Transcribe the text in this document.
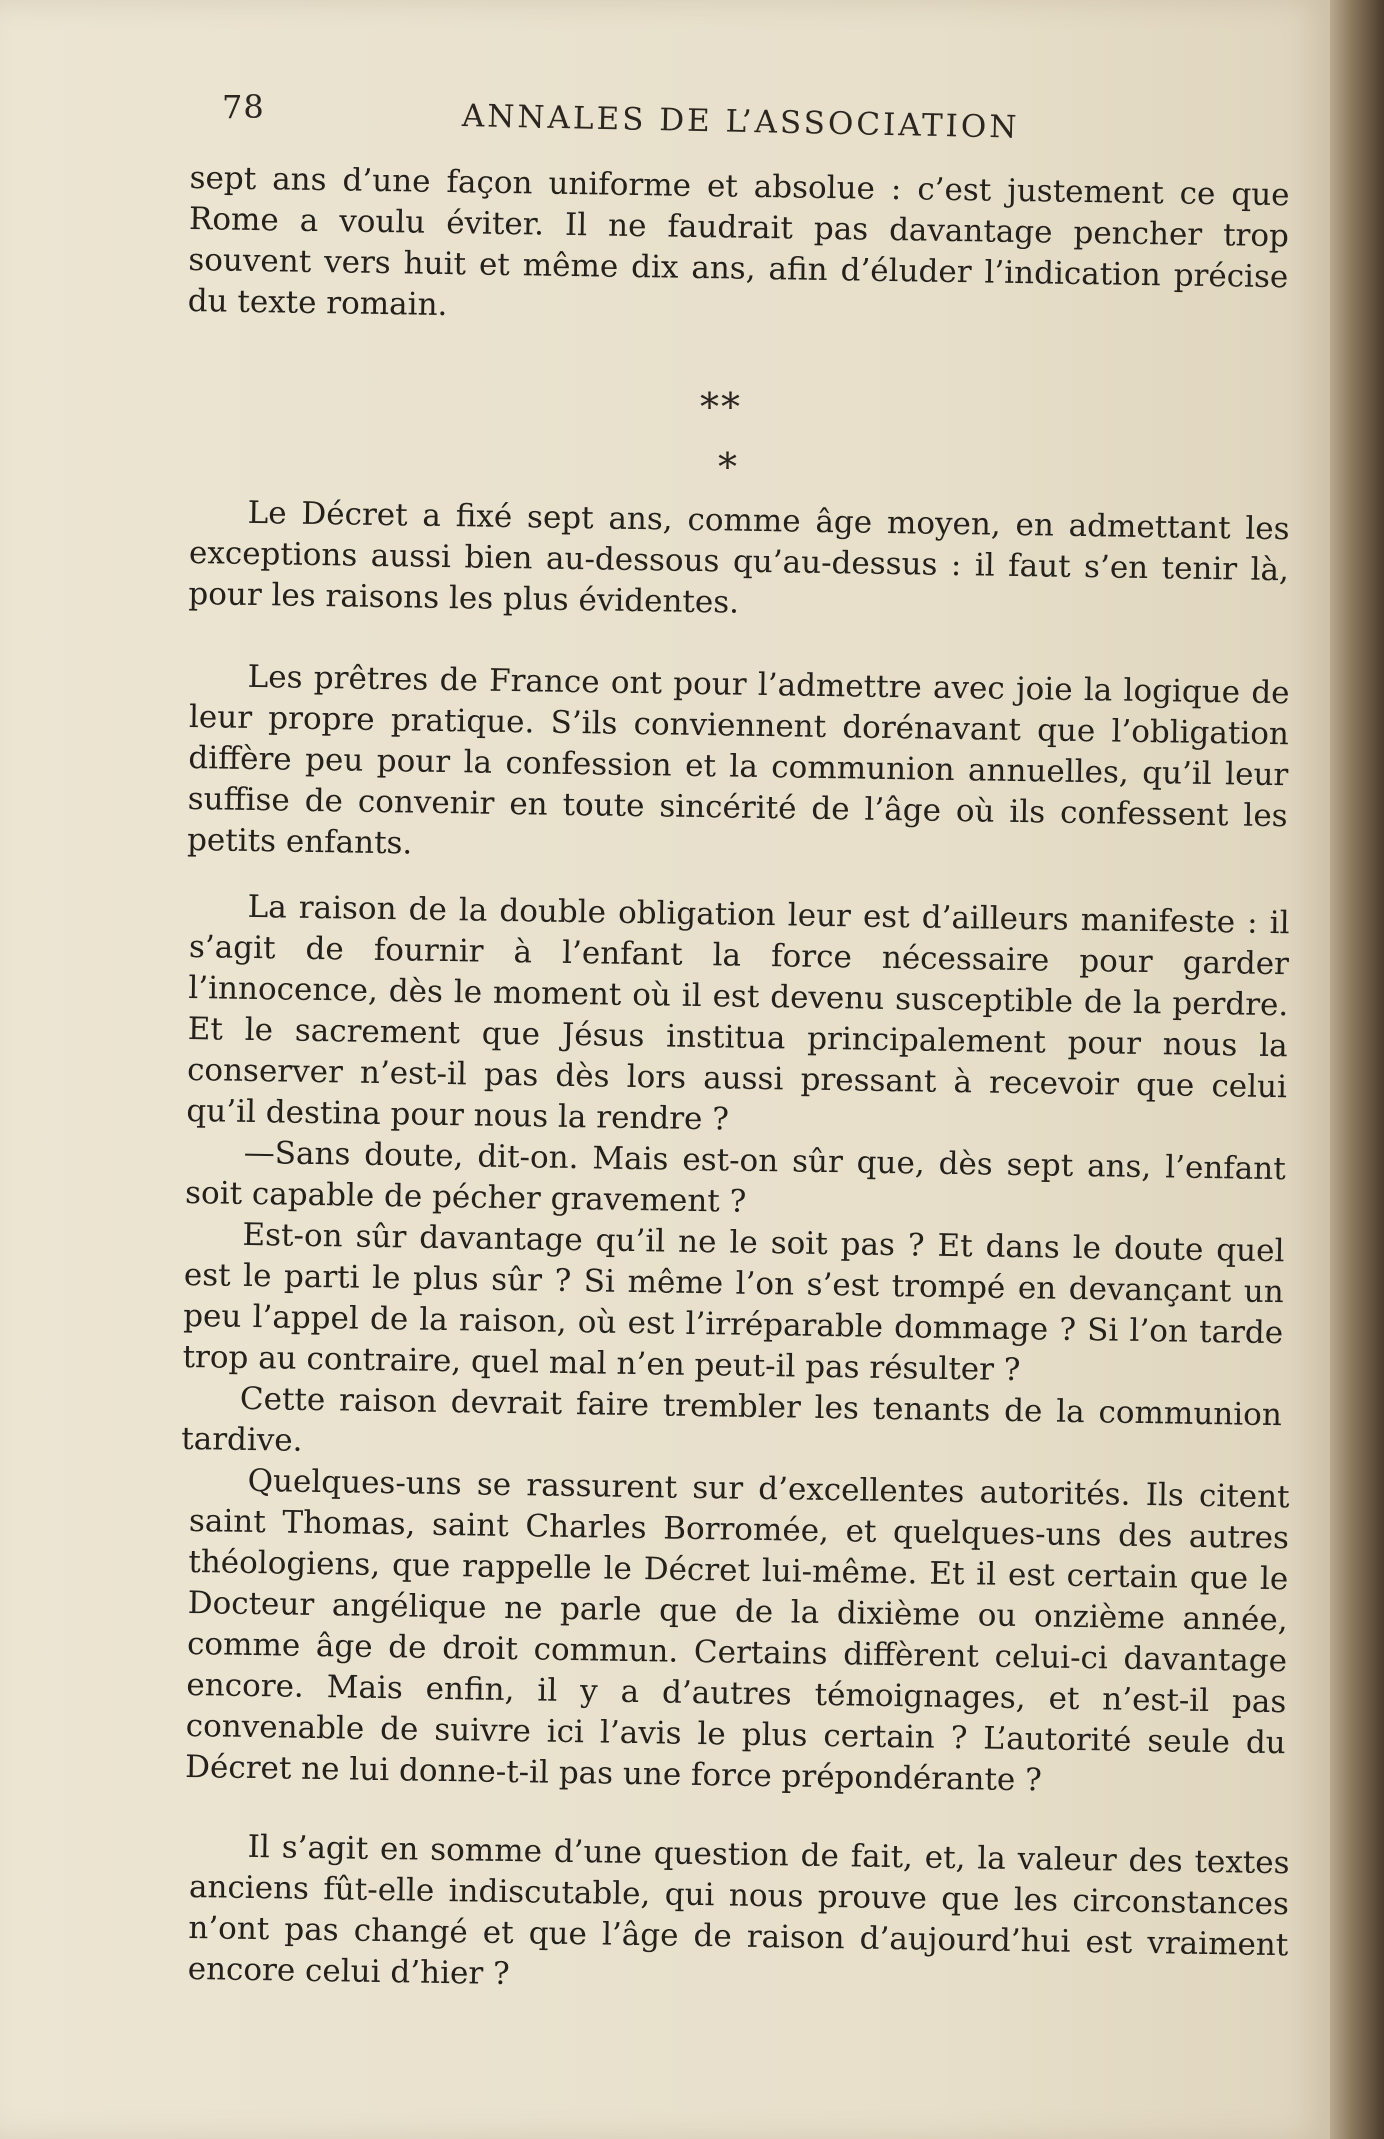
78	ANNALES DE L’ASSOCIATION

sept ans d’une façon uniforme et absolue : c’est justement ce que Rome a voulu éviter. Il ne faudrait pas davantage pencher trop souvent vers huit et même dix ans, afin d’éluder l’indication précise du texte romain.

**
*

Le Décret a fixé sept ans, comme âge moyen, en admettant les exceptions aussi bien au-dessous qu’au-dessus : il faut s’en tenir là, pour les raisons les plus évidentes.

Les prêtres de France ont pour l’admettre avec joie la logique de leur propre pratique. S’ils conviennent dorénavant que l’obligation diffère peu pour la confession et la communion annuelles, qu’il leur suffise de convenir en toute sincérité de l’âge où ils confessent les petits enfants.

La raison de la double obligation leur est d’ailleurs manifeste : il s’agit de fournir à l’enfant la force nécessaire pour garder l’innocence, dès le moment où il est devenu susceptible de la perdre. Et le sacrement que Jésus institua principalement pour nous la conserver n’est-il pas dès lors aussi pressant à recevoir que celui qu’il destina pour nous la rendre ?

—Sans doute, dit-on. Mais est-on sûr que, dès sept ans, l’enfant soit capable de pécher gravement ?

Est-on sûr davantage qu’il ne le soit pas ? Et dans le doute quel est le parti le plus sûr ? Si même l’on s’est trompé en devançant un peu l’appel de la raison, où est l’irréparable dommage ? Si l’on tarde trop au contraire, quel mal n’en peut-il pas résulter ?

Cette raison devrait faire trembler les tenants de la communion tardive.

Quelques-uns se rassurent sur d’excellentes autorités. Ils citent saint Thomas, saint Charles Borromée, et quelques-uns des autres théologiens, que rappelle le Décret lui-même. Et il est certain que le Docteur angélique ne parle que de la dixième ou onzième année, comme âge de droit commun. Certains diffèrent celui-ci davantage encore. Mais enfin, il y a d’autres témoignages, et n’est-il pas convenable de suivre ici l’avis le plus certain ? L’autorité seule du Décret ne lui donne-t-il pas une force prépondérante ?

Il s’agit en somme d’une question de fait, et, la valeur des textes anciens fût-elle indiscutable, qui nous prouve que les circonstances n’ont pas changé et que l’âge de raison d’aujourd’hui est vraiment encore celui d’hier ?
